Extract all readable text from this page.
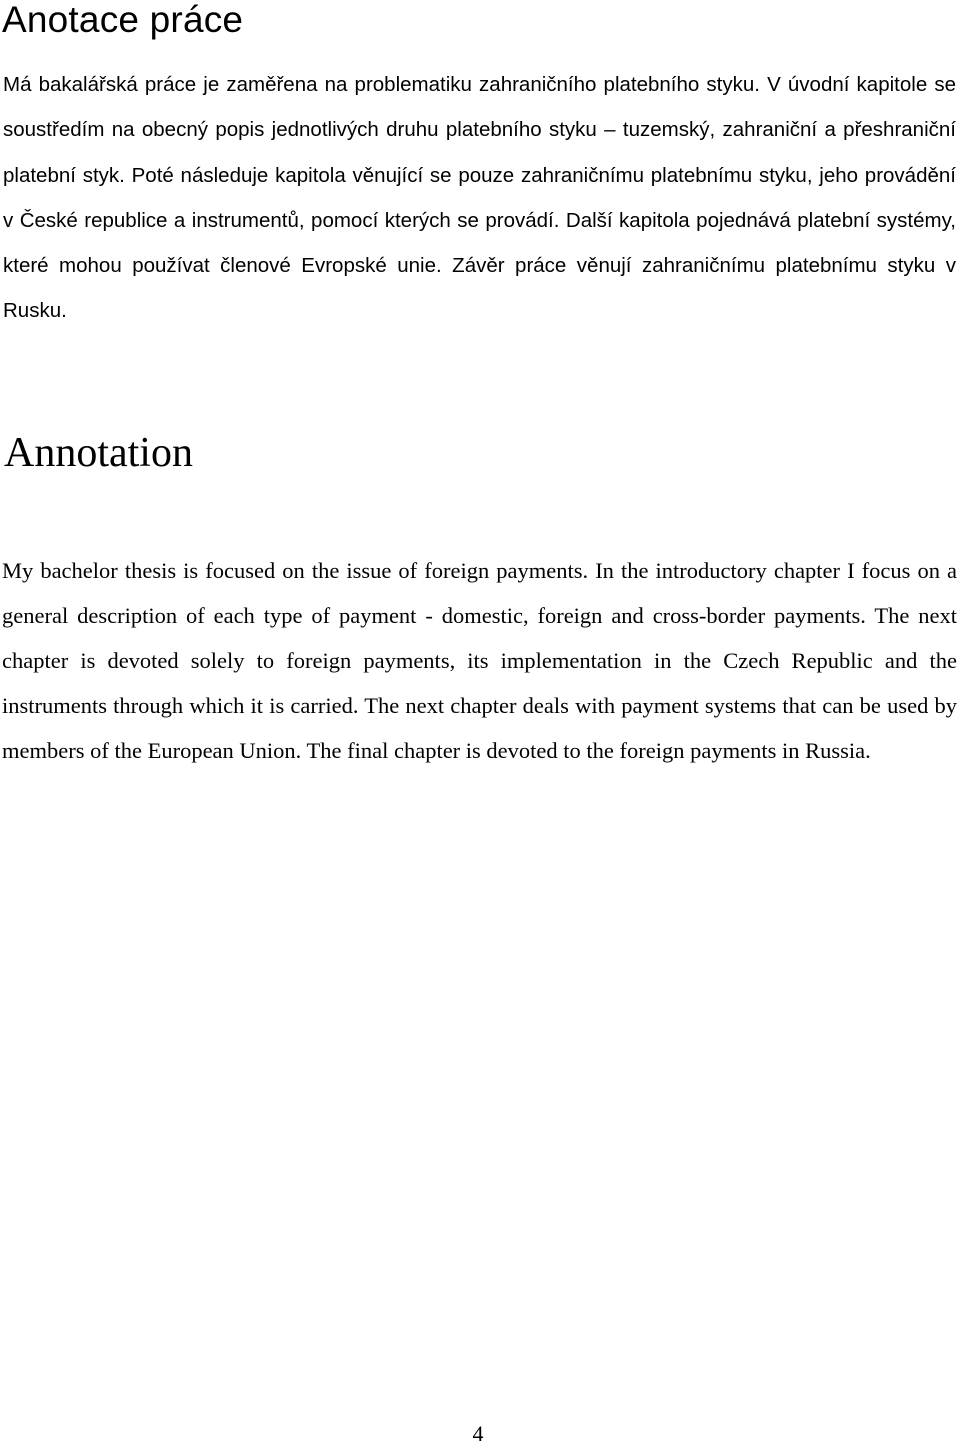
Anotace práce

Má bakalářská práce je zaměřena na problematiku zahraničního platebního styku. V úvodní kapitole se soustředím na obecný popis jednotlivých druhu platebního styku – tuzemský, zahraniční a přeshraniční platební styk. Poté následuje kapitola věnující se pouze zahraničnímu platebnímu styku, jeho provádění v České republice a instrumentů, pomocí kterých se provádí. Další kapitola pojednává platební systémy, které mohou používat členové Evropské unie. Závěr práce věnují zahraničnímu platebnímu styku v Rusku.

Annotation

My bachelor thesis is focused on the issue of foreign payments. In the introductory chapter I focus on a general description of each type of payment - domestic, foreign and cross-border payments. The next chapter is devoted solely to foreign payments, its implementation in the Czech Republic and the instruments through which it is carried. The next chapter deals with payment systems that can be used by members of the European Union. The final chapter is devoted to the foreign payments in Russia.

4
